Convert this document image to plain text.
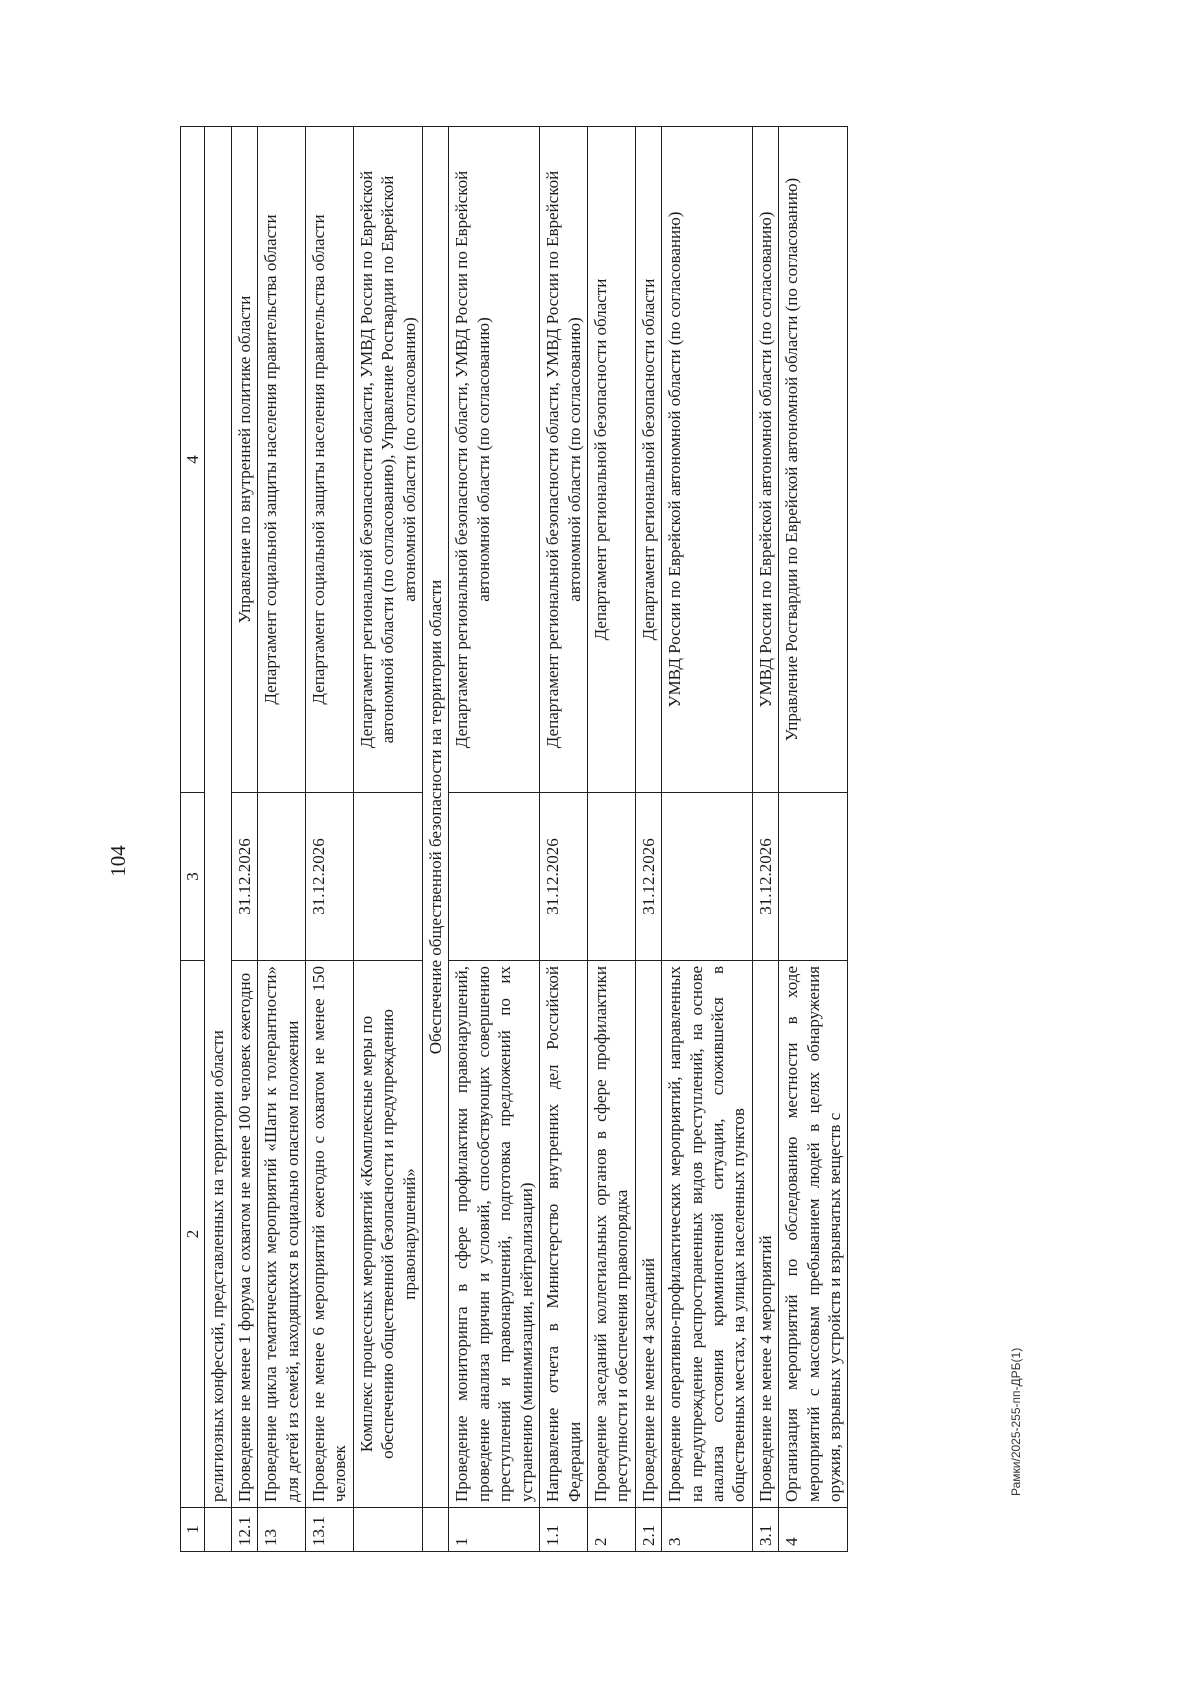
104
Рамки/2025-255-пп-ДРБ(1)
1	2	3	4
	религиозных конфессий, представленных на территории области		
12.1	Проведение не менее 1 форума с охватом не менее 100 человек ежегодно	31.12.2026	Управление по внутренней политике области
13	Проведение цикла тематических мероприятий «Шаги к толерантности» для детей из семей, находящихся в социально опасном положении		Департамент социальной защиты населения правительства области
13.1	Проведение не менее 6 мероприятий ежегодно с охватом не менее 150 человек	31.12.2026	Департамент социальной защиты населения правительства области
	Комплекс процессных мероприятий «Комплексные меры по обеспечению общественной безопасности и предупреждению правонарушений»		Департамент региональной безопасности области, УМВД России по Еврейской автономной области (по согласованию), Управление Росгвардии по Еврейской автономной области (по согласованию)
	Обеспечение общественной безопасности на территории области		
1	Проведение мониторинга в сфере профилактики правонарушений, проведение анализа причин и условий, способствующих совершению преступлений и правонарушений, подготовка предложений по их устранению (минимизации, нейтрализации)		Департамент региональной безопасности области, УМВД России по Еврейской автономной области (по согласованию)
1.1	Направление отчета в Министерство внутренних дел Российской Федерации	31.12.2026	Департамент региональной безопасности области, УМВД России по Еврейской автономной области (по согласованию)
2	Проведение заседаний коллегиальных органов в сфере профилактики преступности и обеспечения правопорядка		Департамент региональной безопасности области
2.1	Проведение не менее 4 заседаний	31.12.2026	Департамент региональной безопасности области
3	Проведение оперативно-профилактических мероприятий, направленных на предупреждение распространенных видов преступлений, на основе анализа состояния криминогенной ситуации, сложившейся в общественных местах, на улицах населенных пунктов		УМВД России по Еврейской автономной области (по согласованию)
3.1	Проведение не менее 4 мероприятий	31.12.2026	УМВД России по Еврейской автономной области (по согласованию)
4	Организация мероприятий по обследованию местности в ходе мероприятий с массовым пребыванием людей в целях обнаружения оружия, взрывных устройств и взрывчатых веществ с		Управление Росгвардии по Еврейской автономной области (по согласованию)
